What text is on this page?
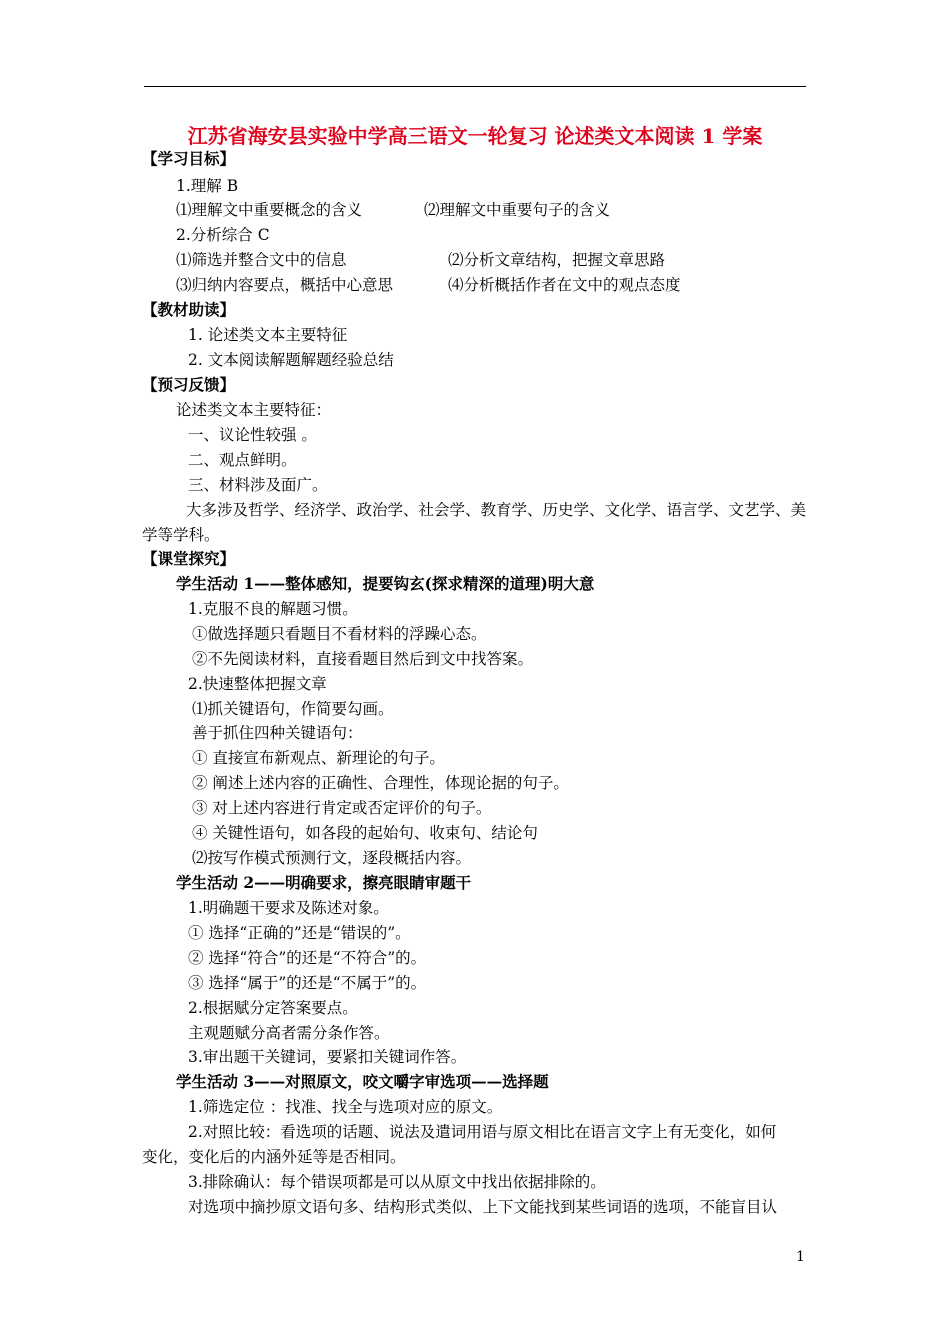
江苏省海安县实验中学高三语文一轮复习 论述类文本阅读 1 学案
【学习目标】
1.理解 B
⑴理解文中重要概念的含义	⑵理解文中重要句子的含义
2.分析综合 C
⑴筛选并整合文中的信息	⑵分析文章结构，把握文章思路
⑶归纳内容要点，概括中心意思	⑷分析概括作者在文中的观点态度
【教材助读】
1. 论述类文本主要特征
2. 文本阅读解题解题经验总结
【预习反馈】
论述类文本主要特征：
一、议论性较强 。
二、观点鲜明。
三、材料涉及面广。
大多涉及哲学、经济学、政治学、社会学、教育学、历史学、文化学、语言学、文艺学、美
学等学科。
【课堂探究】
学生活动 1——整体感知，提要钩玄(探求精深的道理)明大意
1.克服不良的解题习惯。
①做选择题只看题目不看材料的浮躁心态。
②不先阅读材料，直接看题目然后到文中找答案。
2.快速整体把握文章
⑴抓关键语句，作简要勾画。
善于抓住四种关键语句：
① 直接宣布新观点、新理论的句子。
② 阐述上述内容的正确性、合理性，体现论据的句子。
③ 对上述内容进行肯定或否定评价的句子。
④ 关键性语句，如各段的起始句、收束句、结论句
⑵按写作模式预测行文，逐段概括内容。
学生活动 2——明确要求，擦亮眼睛审题干
1.明确题干要求及陈述对象。
① 选择“正确的”还是“错误的”。
② 选择“符合”的还是“不符合”的。
③ 选择“属于”的还是“不属于”的。
2.根据赋分定答案要点。
主观题赋分高者需分条作答。
3.审出题干关键词，要紧扣关键词作答。
学生活动 3——对照原文，咬文嚼字审选项——选择题
1.筛选定位 ：找准、找全与选项对应的原文。
2.对照比较：看选项的话题、说法及遣词用语与原文相比在语言文字上有无变化，如何
变化，变化后的内涵外延等是否相同。
3.排除确认：每个错误项都是可以从原文中找出依据排除的。
对选项中摘抄原文语句多、结构形式类似、上下文能找到某些词语的选项，不能盲目认
1
